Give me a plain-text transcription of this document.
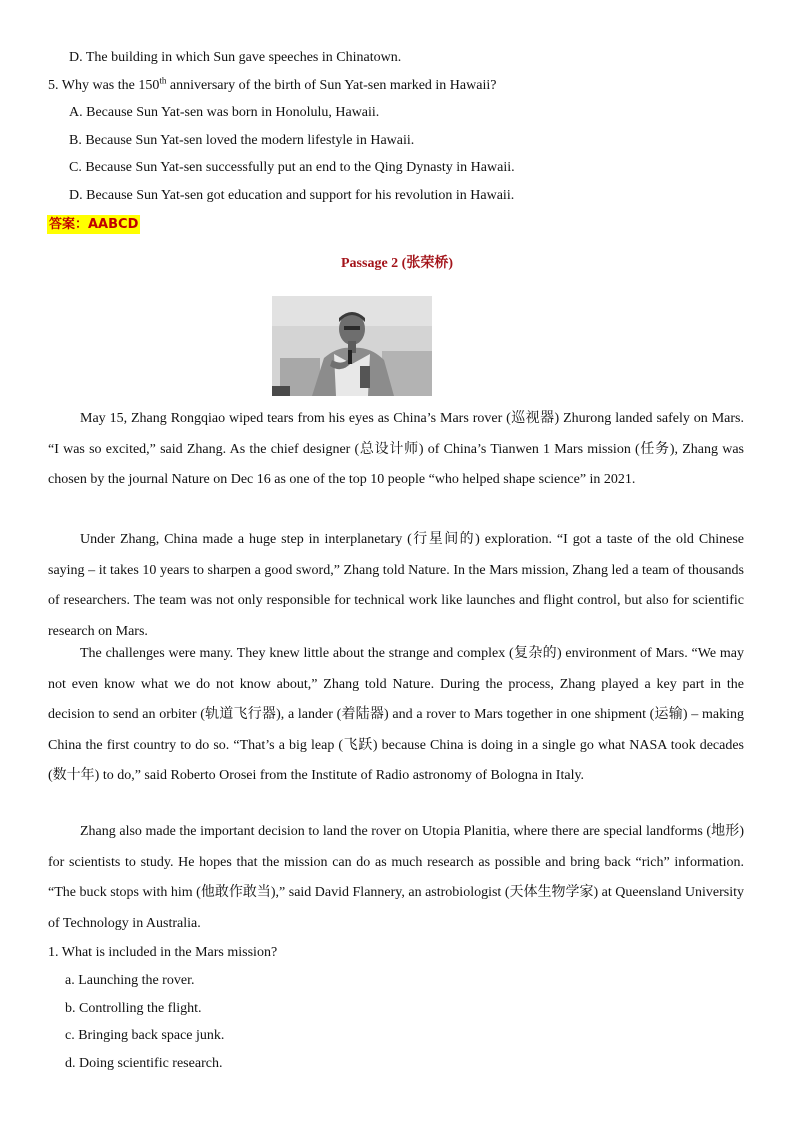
D. The building in which Sun gave speeches in Chinatown.
5. Why was the 150th anniversary of the birth of Sun Yat-sen marked in Hawaii?
A. Because Sun Yat-sen was born in Honolulu, Hawaii.
B. Because Sun Yat-sen loved the modern lifestyle in Hawaii.
C. Because Sun Yat-sen successfully put an end to the Qing Dynasty in Hawaii.
D. Because Sun Yat-sen got education and support for his revolution in Hawaii.
答案：AABCD
Passage 2 (张荣桥)

May 15, Zhang Rongqiao wiped tears from his eyes as China’s Mars rover (巡视器) Zhurong landed safely on Mars. “I was so excited,” said Zhang. As the chief designer (总设计师) of China’s Tianwen 1 Mars mission (任务), Zhang was chosen by the journal Nature on Dec 16 as one of the top 10 people “who helped shape science” in 2021.

Under Zhang, China made a huge step in interplanetary (行星间的) exploration. “I got a taste of the old Chinese saying – it takes 10 years to sharpen a good sword,” Zhang told Nature. In the Mars mission, Zhang led a team of thousands of researchers. The team was not only responsible for technical work like launches and flight control, but also for scientific research on Mars.

The challenges were many. They knew little about the strange and complex (复杂的) environment of Mars. “We may not even know what we do not know about,” Zhang told Nature. During the process, Zhang played a key part in the decision to send an orbiter (轨道飞行器), a lander (着陆器) and a rover to Mars together in one shipment (运输) – making China the first country to do so. “That’s a big leap (飞跃) because China is doing in a single go what NASA took decades (数十年) to do,” said Roberto Orosei from the Institute of Radio astronomy of Bologna in Italy.

Zhang also made the important decision to land the rover on Utopia Planitia, where there are special landforms (地形) for scientists to study. He hopes that the mission can do as much research as possible and bring back “rich” information. “The buck stops with him (他敢作敢当),” said David Flannery, an astrobiologist (天体生物学家) at Queensland University of Technology in Australia.

1. What is included in the Mars mission?
a. Launching the rover.
b. Controlling the flight.
c. Bringing back space junk.
d. Doing scientific research.
